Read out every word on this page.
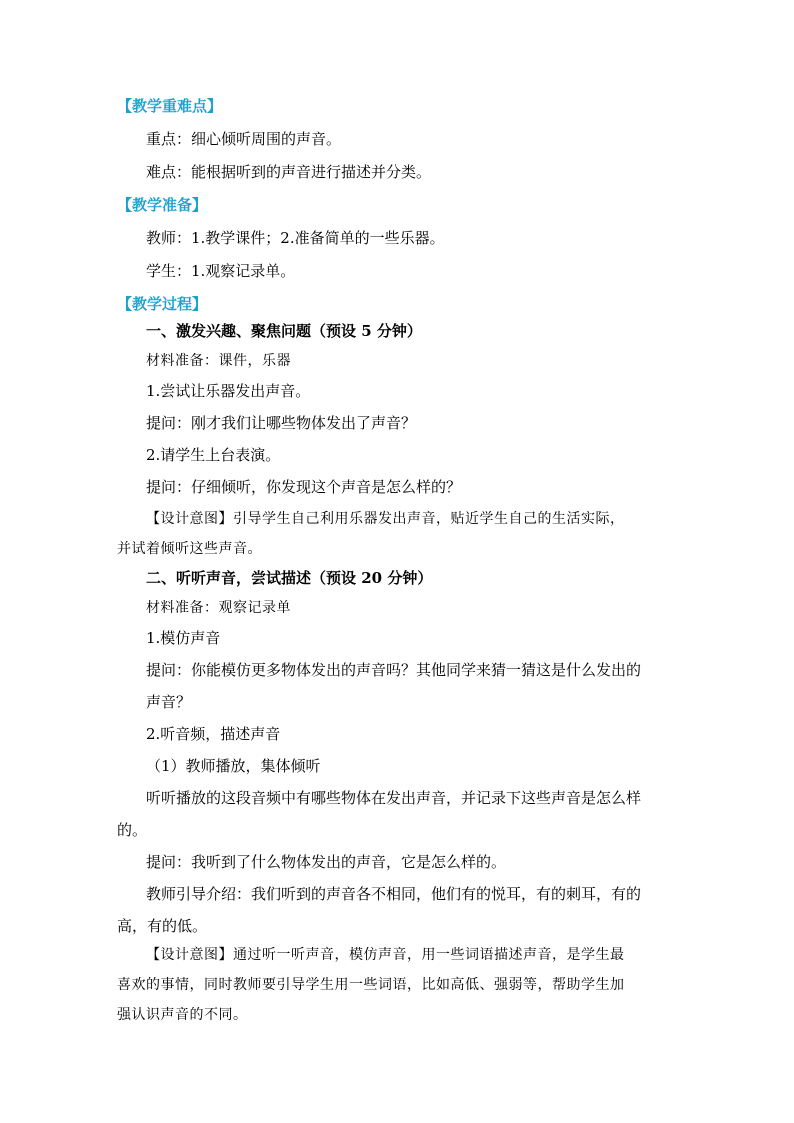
【教学重难点】
重点：细心倾听周围的声音。
难点：能根据听到的声音进行描述并分类。
【教学准备】
教师：1.教学课件；2.准备简单的一些乐器。
学生：1.观察记录单。
【教学过程】
一、激发兴趣、聚焦问题（预设 5 分钟）
材料准备：课件，乐器
1.尝试让乐器发出声音。
提问：刚才我们让哪些物体发出了声音？
2.请学生上台表演。
提问：仔细倾听，你发现这个声音是怎么样的？
【设计意图】引导学生自己利用乐器发出声音，贴近学生自己的生活实际，
并试着倾听这些声音。
二、听听声音，尝试描述（预设 20 分钟）
材料准备：观察记录单
1.模仿声音
提问：你能模仿更多物体发出的声音吗？其他同学来猜一猜这是什么发出的
声音？
2.听音频，描述声音
（1）教师播放，集体倾听
听听播放的这段音频中有哪些物体在发出声音，并记录下这些声音是怎么样
的。
提问：我听到了什么物体发出的声音，它是怎么样的。
教师引导介绍：我们听到的声音各不相同，他们有的悦耳，有的刺耳，有的
高，有的低。
【设计意图】通过听一听声音，模仿声音，用一些词语描述声音，是学生最
喜欢的事情，同时教师要引导学生用一些词语，比如高低、强弱等，帮助学生加
强认识声音的不同。
